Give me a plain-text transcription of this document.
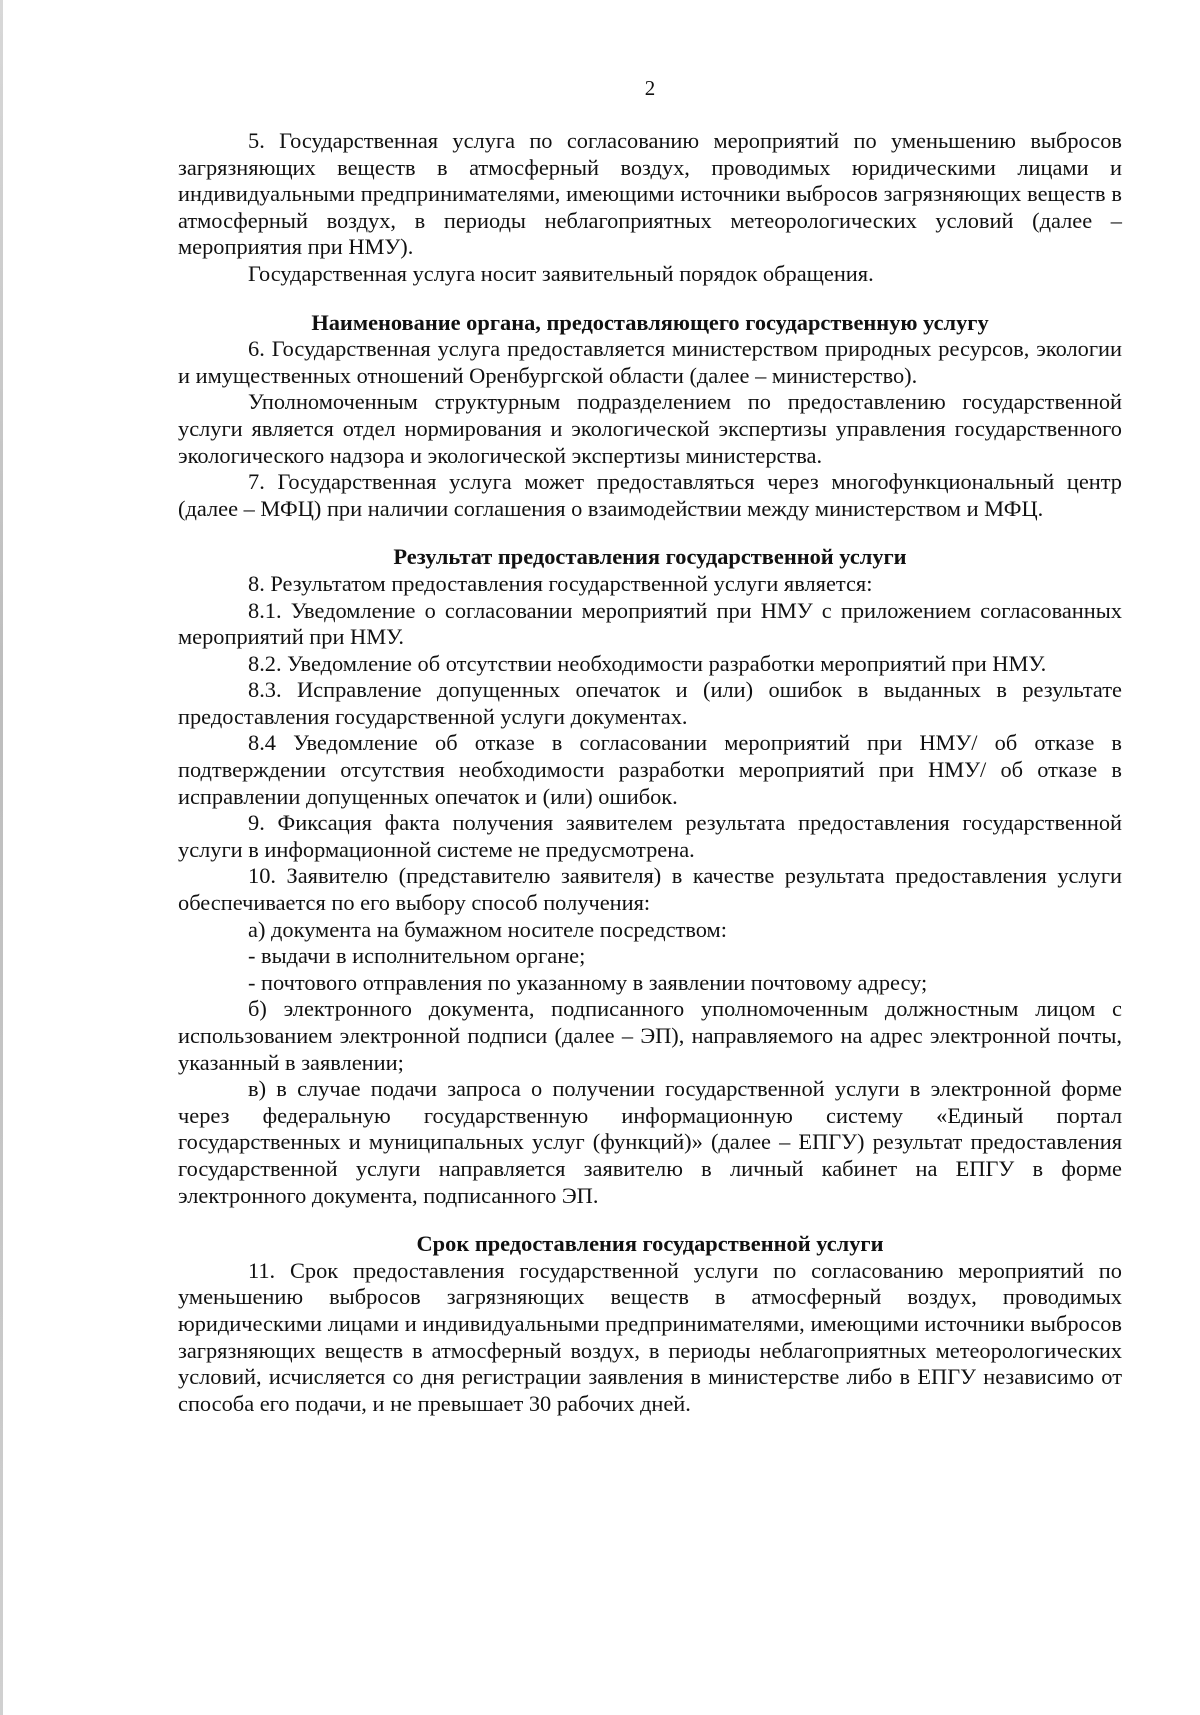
2

5. Государственная услуга по согласованию мероприятий по уменьшению выбросов загрязняющих веществ в атмосферный воздух, проводимых юридическими лицами и индивидуальными предпринимателями, имеющими источники выбросов загрязняющих веществ в атмосферный воздух, в периоды неблагоприятных метеорологических условий (далее – мероприятия при НМУ).

Государственная услуга носит заявительный порядок обращения.

Наименование органа, предоставляющего государственную услугу

6. Государственная услуга предоставляется министерством природных ресурсов, экологии и имущественных отношений Оренбургской области (далее – министерство).

Уполномоченным структурным подразделением по предоставлению государственной услуги является отдел нормирования и экологической экспертизы управления государственного экологического надзора и экологической экспертизы министерства.

7. Государственная услуга может предоставляться через многофункциональный центр (далее – МФЦ) при наличии соглашения о взаимодействии между министерством и МФЦ.

Результат предоставления государственной услуги

8. Результатом предоставления государственной услуги является:

8.1. Уведомление о согласовании мероприятий при НМУ с приложением согласованных мероприятий при НМУ.

8.2. Уведомление об отсутствии необходимости разработки мероприятий при НМУ.

8.3. Исправление допущенных опечаток и (или) ошибок в выданных в результате предоставления государственной услуги документах.

8.4 Уведомление об отказе в согласовании мероприятий при НМУ/ об отказе в подтверждении отсутствия необходимости разработки мероприятий при НМУ/ об отказе в исправлении допущенных опечаток и (или) ошибок.

9. Фиксация факта получения заявителем результата предоставления государственной услуги в информационной системе не предусмотрена.

10. Заявителю (представителю заявителя) в качестве результата предоставления услуги обеспечивается по его выбору способ получения:

а) документа на бумажном носителе посредством:

- выдачи в исполнительном органе;

- почтового отправления по указанному в заявлении почтовому адресу;

б) электронного документа, подписанного уполномоченным должностным лицом с использованием электронной подписи (далее – ЭП), направляемого на адрес электронной почты, указанный в заявлении;

в) в случае подачи запроса о получении государственной услуги в электронной форме через федеральную государственную информационную систему «Единый портал государственных и муниципальных услуг (функций)» (далее – ЕПГУ) результат предоставления государственной услуги направляется заявителю в личный кабинет на ЕПГУ в форме электронного документа, подписанного ЭП.

Срок предоставления государственной услуги

11. Срок предоставления государственной услуги по согласованию мероприятий по уменьшению выбросов загрязняющих веществ в атмосферный воздух, проводимых юридическими лицами и индивидуальными предпринимателями, имеющими источники выбросов загрязняющих веществ в атмосферный воздух, в периоды неблагоприятных метеорологических условий, исчисляется со дня регистрации заявления в министерстве либо в ЕПГУ независимо от способа его подачи, и не превышает 30 рабочих дней.
